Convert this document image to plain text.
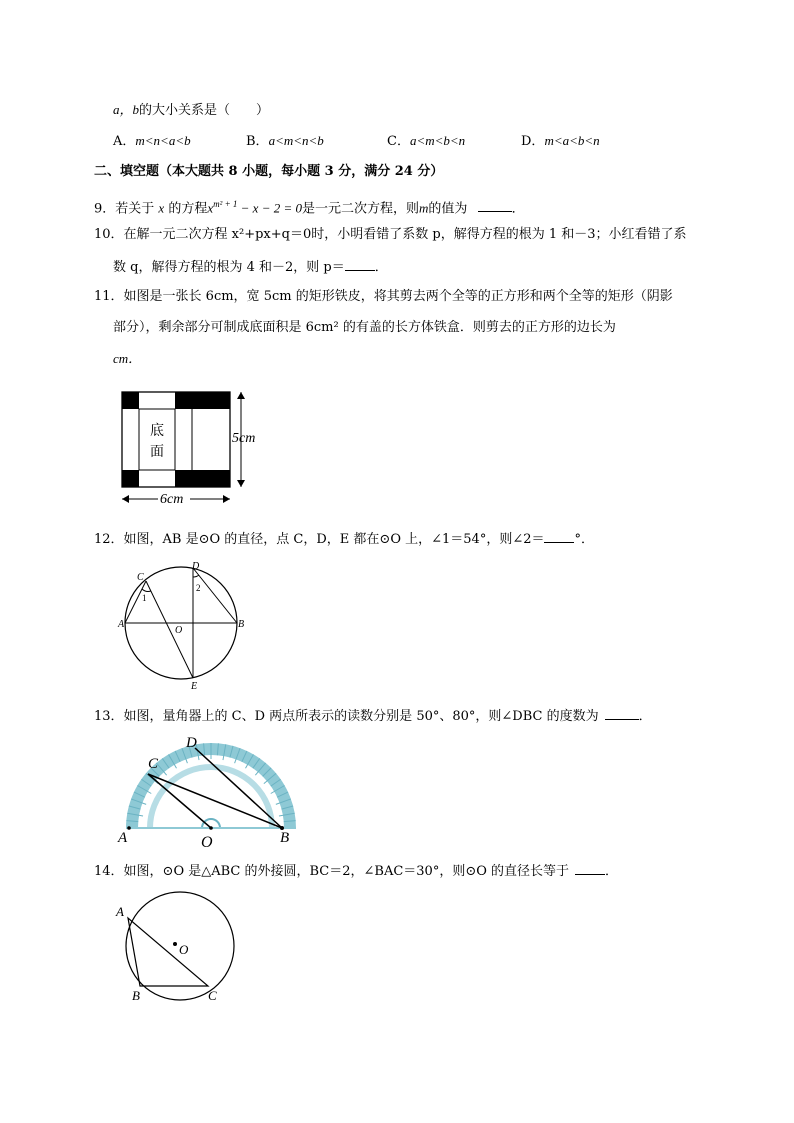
a，b的大小关系是（　　）
A．m<n<a<b	B．a<m<n<b	C．a<m<b<n	D．m<a<b<n
二、填空题（本大题共 8 小题，每小题 3 分，满分 24 分）
9．若关于 x 的方程$x^{m^2 + 1} - x - 2 = 0$是一元二次方程，则m的值为	．
10．在解一元二次方程 x²+px+q＝0时，小明看错了系数 p，解得方程的根为 1 和－3；小红看错了系
数 q，解得方程的根为 4 和－2，则 p＝ ．
11．如图是一张长 6cm，宽 5cm 的矩形铁皮，将其剪去两个全等的正方形和两个全等的矩形（阴影
部分），剩余部分可制成底面积是 6cm² 的有盖的长方体铁盒．则剪去的正方形的边长为
cm．
底
面
5cm
6cm
12．如图，AB 是⊙O 的直径，点 C，D，E 都在⊙O 上，∠1＝54°，则∠2＝ °．
A	B
C
D
E
O
1
2
13．如图，量角器上的 C、D 两点所表示的读数分别是 50°、80°，则∠DBC 的度数为	．
A	B
C
D
O
14．如图，⊙O 是△ABC 的外接圆，BC＝2，∠BAC＝30°，则⊙O 的直径长等于	．
A
B	C
O
